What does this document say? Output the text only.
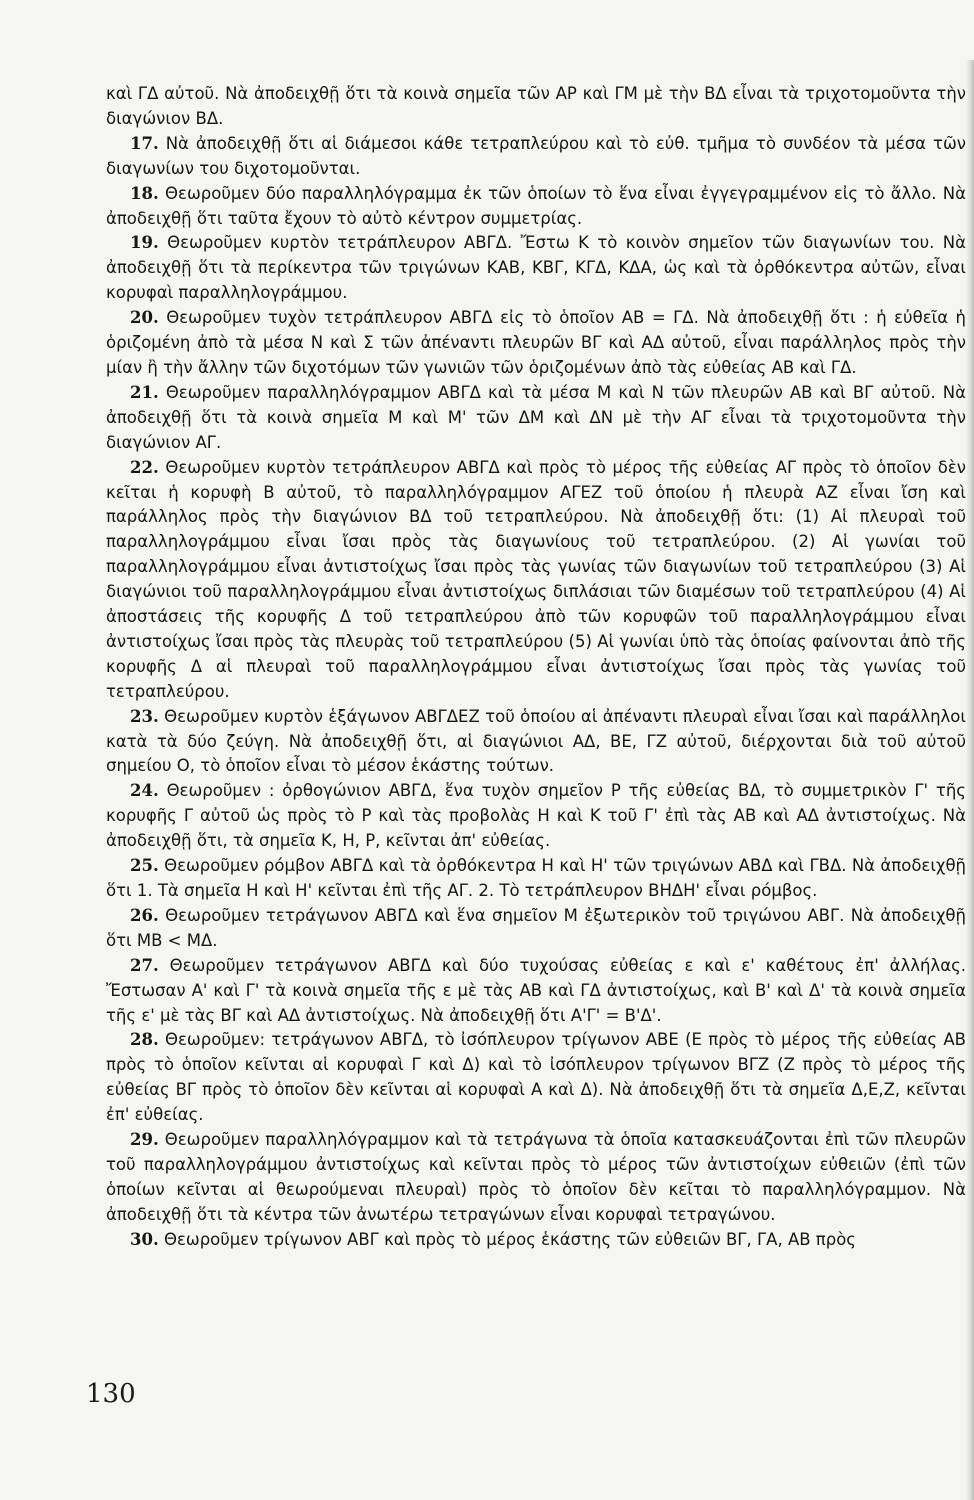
καὶ ΓΔ αὐτοῦ. Νὰ ἀποδειχθῇ ὅτι τὰ κοινὰ σημεῖα τῶν ΑΡ καὶ ΓΜ μὲ τὴν ΒΔ εἶναι τὰ τριχοτομοῦντα τὴν διαγώνιον ΒΔ.

17. Νὰ ἀποδειχθῇ ὅτι αἱ διάμεσοι κάθε τετραπλεύρου καὶ τὸ εὐθ. τμῆμα τὸ συνδέον τὰ μέσα τῶν διαγωνίων του διχοτομοῦνται.

18. Θεωροῦμεν δύο παραλληλόγραμμα ἐκ τῶν ὁποίων τὸ ἕνα εἶναι ἐγγεγραμμένον εἰς τὸ ἄλλο. Νὰ ἀποδειχθῇ ὅτι ταῦτα ἔχουν τὸ αὐτὸ κέντρον συμμετρίας.

19. Θεωροῦμεν κυρτὸν τετράπλευρον ΑΒΓΔ. Ἔστω Κ τὸ κοινὸν σημεῖον τῶν διαγωνίων του. Νὰ ἀποδειχθῇ ὅτι τὰ περίκεντρα τῶν τριγώνων ΚΑΒ, ΚΒΓ, ΚΓΔ, ΚΔΑ, ὡς καὶ τὰ ὀρθόκεντρα αὐτῶν, εἶναι κορυφαὶ παραλληλογράμμου.

20. Θεωροῦμεν τυχὸν τετράπλευρον ΑΒΓΔ εἰς τὸ ὁποῖον ΑΒ = ΓΔ. Νὰ ἀποδειχθῇ ὅτι : ἡ εὐθεῖα ἡ ὁριζομένη ἀπὸ τὰ μέσα Ν καὶ Σ τῶν ἀπέναντι πλευρῶν ΒΓ καὶ ΑΔ αὐτοῦ, εἶναι παράλληλος πρὸς τὴν μίαν ἢ τὴν ἄλλην τῶν διχοτόμων τῶν γωνιῶν τῶν ὁριζομένων ἀπὸ τὰς εὐθείας ΑΒ καὶ ΓΔ.

21. Θεωροῦμεν παραλληλόγραμμον ΑΒΓΔ καὶ τὰ μέσα Μ καὶ Ν τῶν πλευρῶν ΑΒ καὶ ΒΓ αὐτοῦ. Νὰ ἀποδειχθῇ ὅτι τὰ κοινὰ σημεῖα Μ καὶ Μ' τῶν ΔΜ καὶ ΔΝ μὲ τὴν ΑΓ εἶναι τὰ τριχοτομοῦντα τὴν διαγώνιον ΑΓ.

22. Θεωροῦμεν κυρτὸν τετράπλευρον ΑΒΓΔ καὶ πρὸς τὸ μέρος τῆς εὐθείας ΑΓ πρὸς τὸ ὁποῖον δὲν κεῖται ἡ κορυφὴ Β αὐτοῦ, τὸ παραλληλόγραμμον ΑΓΕΖ τοῦ ὁποίου ἡ πλευρὰ ΑΖ εἶναι ἴση καὶ παράλληλος πρὸς τὴν διαγώνιον ΒΔ τοῦ τετραπλεύρου. Νὰ ἀποδειχθῇ ὅτι: (1) Αἱ πλευραὶ τοῦ παραλληλογράμμου εἶναι ἴσαι πρὸς τὰς διαγωνίους τοῦ τετραπλεύρου. (2) Αἱ γωνίαι τοῦ παραλληλογράμμου εἶναι ἀντιστοίχως ἴσαι πρὸς τὰς γωνίας τῶν διαγωνίων τοῦ τετραπλεύρου (3) Αἱ διαγώνιοι τοῦ παραλληλογράμμου εἶναι ἀντιστοίχως διπλάσιαι τῶν διαμέσων τοῦ τετραπλεύρου (4) Αἱ ἀποστάσεις τῆς κορυφῆς Δ τοῦ τετραπλεύρου ἀπὸ τῶν κορυφῶν τοῦ παραλληλογράμμου εἶναι ἀντιστοίχως ἴσαι πρὸς τὰς πλευρὰς τοῦ τετραπλεύρου (5) Αἱ γωνίαι ὑπὸ τὰς ὁποίας φαίνονται ἀπὸ τῆς κορυφῆς Δ αἱ πλευραὶ τοῦ παραλληλογράμμου εἶναι ἀντιστοίχως ἴσαι πρὸς τὰς γωνίας τοῦ τετραπλεύρου.

23. Θεωροῦμεν κυρτὸν ἑξάγωνον ΑΒΓΔΕΖ τοῦ ὁποίου αἱ ἀπέναντι πλευραὶ εἶναι ἴσαι καὶ παράλληλοι κατὰ τὰ δύο ζεύγη. Νὰ ἀποδειχθῇ ὅτι, αἱ διαγώνιοι ΑΔ, ΒΕ, ΓΖ αὐτοῦ, διέρχονται διὰ τοῦ αὐτοῦ σημείου Ο, τὸ ὁποῖον εἶναι τὸ μέσον ἑκάστης τούτων.

24. Θεωροῦμεν : ὀρθογώνιον ΑΒΓΔ, ἕνα τυχὸν σημεῖον Ρ τῆς εὐθείας ΒΔ, τὸ συμμετρικὸν Γ' τῆς κορυφῆς Γ αὐτοῦ ὡς πρὸς τὸ Ρ καὶ τὰς προβολὰς Η καὶ Κ τοῦ Γ' ἐπὶ τὰς ΑΒ καὶ ΑΔ ἀντιστοίχως. Νὰ ἀποδειχθῇ ὅτι, τὰ σημεῖα Κ, Η, Ρ, κεῖνται ἀπ' εὐθείας.

25. Θεωροῦμεν ρόμβον ΑΒΓΔ καὶ τὰ ὀρθόκεντρα Η καὶ Η' τῶν τριγώνων ΑΒΔ καὶ ΓΒΔ. Νὰ ἀποδειχθῇ ὅτι 1. Τὰ σημεῖα Η καὶ Η' κεῖνται ἐπὶ τῆς ΑΓ. 2. Τὸ τετράπλευρον ΒΗΔΗ' εἶναι ρόμβος.

26. Θεωροῦμεν τετράγωνον ΑΒΓΔ καὶ ἕνα σημεῖον Μ ἐξωτερικὸν τοῦ τριγώνου ΑΒΓ. Νὰ ἀποδειχθῇ ὅτι ΜΒ < ΜΔ.

27. Θεωροῦμεν τετράγωνον ΑΒΓΔ καὶ δύο τυχούσας εὐθείας ε καὶ ε' καθέτους ἐπ' ἀλλήλας. Ἔστωσαν Α' καὶ Γ' τὰ κοινὰ σημεῖα τῆς ε μὲ τὰς ΑΒ καὶ ΓΔ ἀντιστοίχως, καὶ Β' καὶ Δ' τὰ κοινὰ σημεῖα τῆς ε' μὲ τὰς ΒΓ καὶ ΑΔ ἀντιστοίχως. Νὰ ἀποδειχθῇ ὅτι Α'Γ' = Β'Δ'.

28. Θεωροῦμεν: τετράγωνον ΑΒΓΔ, τὸ ἰσόπλευρον τρίγωνον ΑΒΕ (Ε πρὸς τὸ μέρος τῆς εὐθείας ΑΒ πρὸς τὸ ὁποῖον κεῖνται αἱ κορυφαὶ Γ καὶ Δ) καὶ τὸ ἰσόπλευρον τρίγωνον ΒΓΖ (Ζ πρὸς τὸ μέρος τῆς εὐθείας ΒΓ πρὸς τὸ ὁποῖον δὲν κεῖνται αἱ κορυφαὶ Α καὶ Δ). Νὰ ἀποδειχθῇ ὅτι τὰ σημεῖα Δ,Ε,Ζ, κεῖνται ἐπ' εὐθείας.

29. Θεωροῦμεν παραλληλόγραμμον καὶ τὰ τετράγωνα τὰ ὁποῖα κατασκευάζονται ἐπὶ τῶν πλευρῶν τοῦ παραλληλογράμμου ἀντιστοίχως καὶ κεῖνται πρὸς τὸ μέρος τῶν ἀντιστοίχων εὐθειῶν (ἐπὶ τῶν ὁποίων κεῖνται αἱ θεωρούμεναι πλευραὶ) πρὸς τὸ ὁποῖον δὲν κεῖται τὸ παραλληλόγραμμον. Νὰ ἀποδειχθῇ ὅτι τὰ κέντρα τῶν ἀνωτέρω τετραγώνων εἶναι κορυφαὶ τετραγώνου.

30. Θεωροῦμεν τρίγωνον ΑΒΓ καὶ πρὸς τὸ μέρος ἑκάστης τῶν εὐθειῶν ΒΓ, ΓΑ, ΑΒ πρὸς

130
